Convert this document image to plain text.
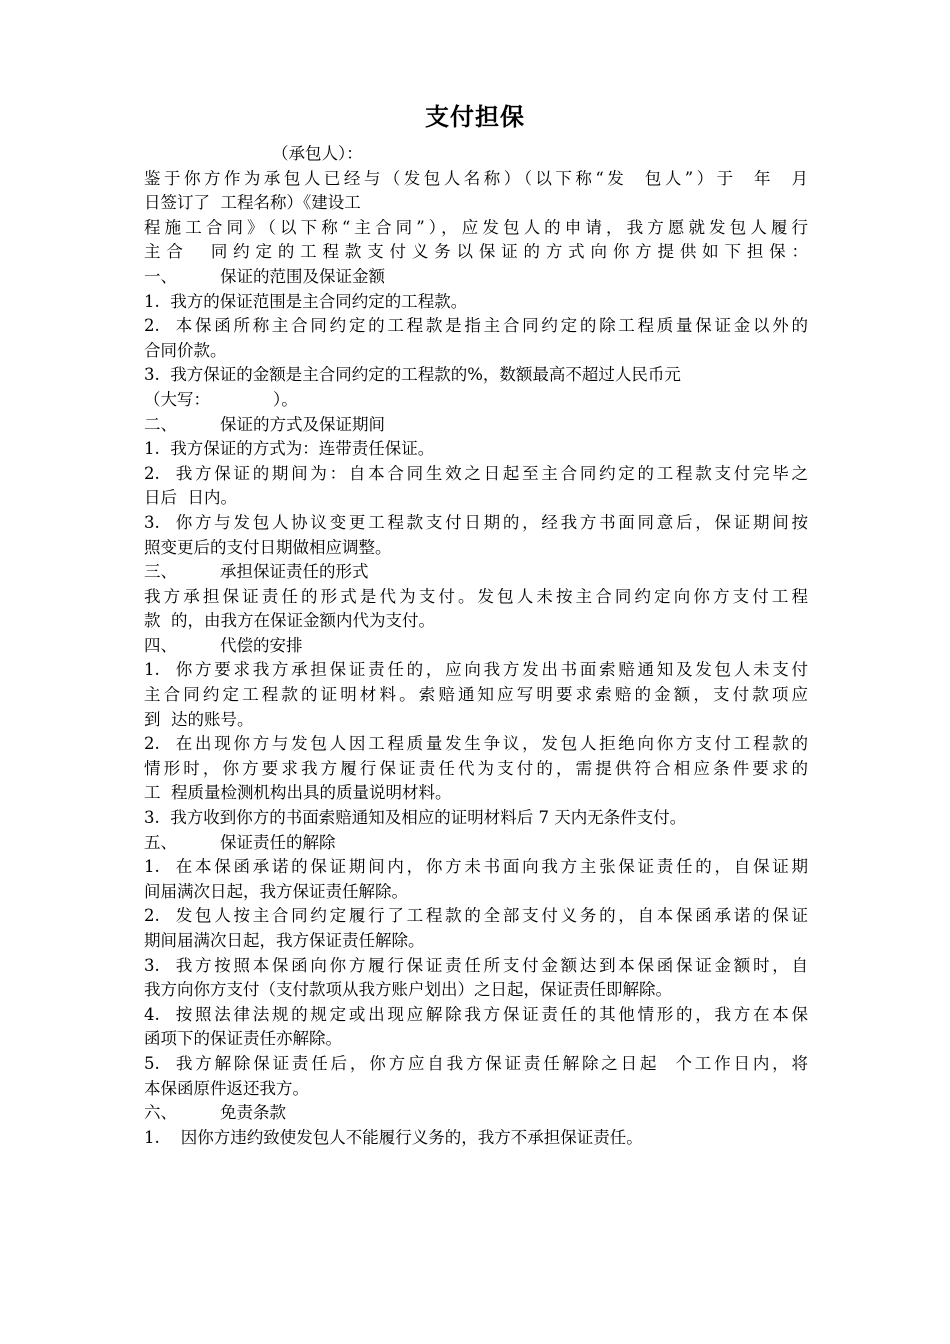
支付担保
（承包人）：
鉴于你方作为承包人已经与（发包人名称）（以下称“发  包人”）于  年  月
日签订了  工程名称）《建设工
程施工合同》（以下称“主合同”），应发包人的申请，我方愿就发包人履行
主合  同约定的工程款支付义务以保证的方式向你方提供如下担保：
一、	保证的范围及保证金额
1.  我方的保证范围是主合同约定的工程款。
2.  本保函所称主合同约定的工程款是指主合同约定的除工程质量保证金以外的
合同价款。
3.  我方保证的金额是主合同约定的工程款的%，数额最高不超过人民币元
（大写：            ）。
二、	保证的方式及保证期间
1.  我方保证的方式为：连带责任保证。
2.  我方保证的期间为：自本合同生效之日起至主合同约定的工程款支付完毕之
日后  日内。
3.  你方与发包人协议变更工程款支付日期的，经我方书面同意后，保证期间按
照变更后的支付日期做相应调整。
三、	承担保证责任的形式
我方承担保证责任的形式是代为支付。发包人未按主合同约定向你方支付工程
款  的，由我方在保证金额内代为支付。
四、	代偿的安排
1.  你方要求我方承担保证责任的，应向我方发出书面索赔通知及发包人未支付
主合同约定工程款的证明材料。索赔通知应写明要求索赔的金额，支付款项应
到  达的账号。
2.  在出现你方与发包人因工程质量发生争议，发包人拒绝向你方支付工程款的
情形时，你方要求我方履行保证责任代为支付的，需提供符合相应条件要求的
工  程质量检测机构出具的质量说明材料。
3.  我方收到你方的书面索赔通知及相应的证明材料后 7 天内无条件支付。
五、	保证责任的解除
1.  在本保函承诺的保证期间内，你方未书面向我方主张保证责任的，自保证期
间届满次日起，我方保证责任解除。
2.  发包人按主合同约定履行了工程款的全部支付义务的，自本保函承诺的保证
期间届满次日起，我方保证责任解除。
3.  我方按照本保函向你方履行保证责任所支付金额达到本保函保证金额时，自
我方向你方支付（支付款项从我方账户划出）之日起，保证责任即解除。
4.  按照法律法规的规定或出现应解除我方保证责任的其他情形的，我方在本保
函项下的保证责任亦解除。
5.  我方解除保证责任后，你方应自我方保证责任解除之日起  个工作日内，将
本保函原件返还我方。
六、	免责条款
1.    因你方违约致使发包人不能履行义务的，我方不承担保证责任。
